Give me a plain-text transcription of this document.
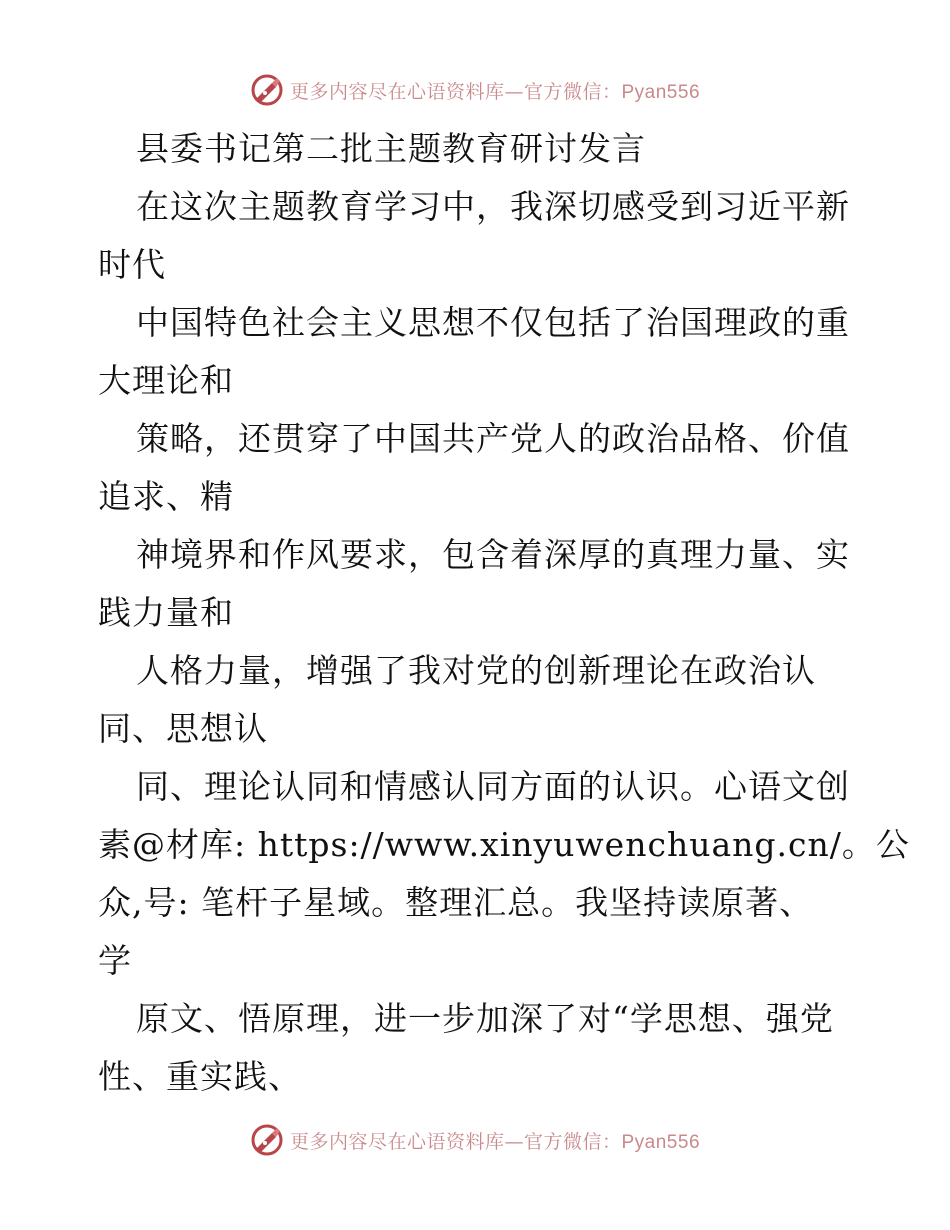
更多内容尽在心语资料库—官方微信：Pyan556
县委书记第二批主题教育研讨发言
在这次主题教育学习中，我深切感受到习近平新
时代
中国特色社会主义思想不仅包括了治国理政的重
大理论和
策略，还贯穿了中国共产党人的政治品格、价值
追求、精
神境界和作风要求，包含着深厚的真理力量、实
践力量和
人格力量，增强了我对党的创新理论在政治认
同、思想认
同、理论认同和情感认同方面的认识。心语文创
素@材库: https://www.xinyuwenchuang.cn/。公
众,号: 笔杆子星域。整理汇总。我坚持读原著、
学
原文、悟原理，进一步加深了对“学思想、强党
性、重实践、
更多内容尽在心语资料库—官方微信：Pyan556
